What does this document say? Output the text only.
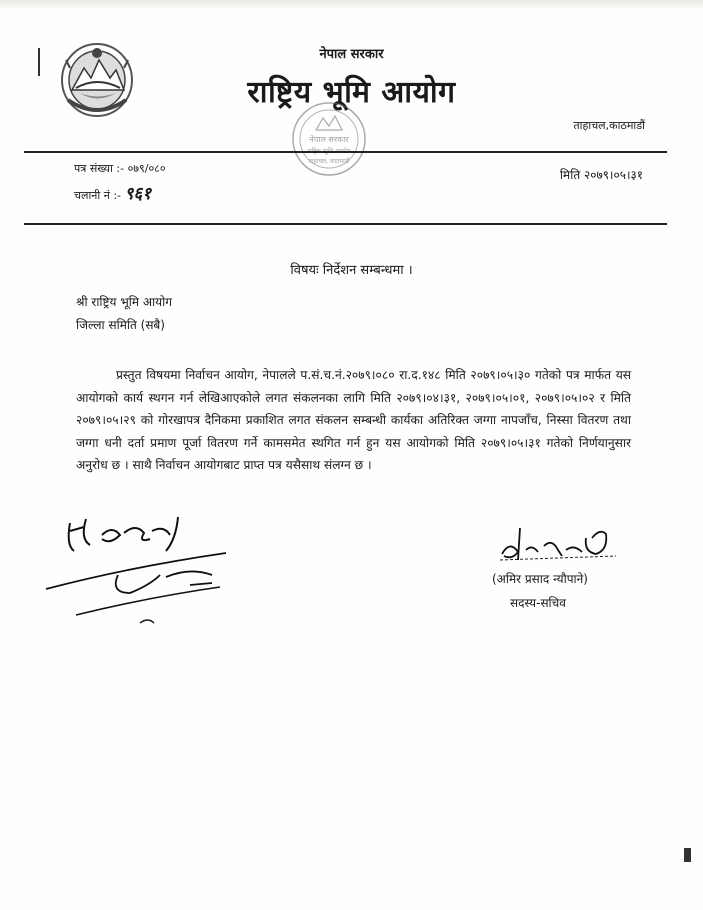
नेपाल सरकार
राष्ट्रिय भूमि आयोग
ताहाचल,काठमाडौं
नेपाल सरकार
ताहाचल, काठमाडौं
पत्र संख्या :- ०७९/०८०
चलानी नं :- ९६१
मिति २०७९।०५।३१
विषयः निर्देशन सम्बन्धमा ।
श्री राष्ट्रिय भूमि आयोग
जिल्ला समिति (सबै)
प्रस्तुत विषयमा निर्वाचन आयोग, नेपालले प.सं.च.नं.२०७९।०८० रा.द.१४८ मिति २०७९।०५।३० गतेको पत्र मार्फत यस आयोगको कार्य स्थगन गर्न लेखिआएकोले लगत संकलनका लागि मिति २०७९।०४।३१, २०७९।०५।०१, २०७९।०५।०२ र मिति २०७९।०५।२९ को गोरखापत्र दैनिकमा प्रकाशित लगत संकलन सम्बन्धी कार्यका अतिरिक्त जग्गा नापजाँच, निस्सा वितरण तथा जग्गा धनी दर्ता प्रमाण पूर्जा वितरण गर्ने कामसमेत स्थगित गर्न हुन यस आयोगको मिति २०७९।०५।३१ गतेको निर्णयानुसार अनुरोध छ । साथै निर्वाचन आयोगबाट प्राप्त पत्र यसैसाथ संलग्न छ ।
(अमिर प्रसाद न्यौपाने)
सदस्य-सचिव
